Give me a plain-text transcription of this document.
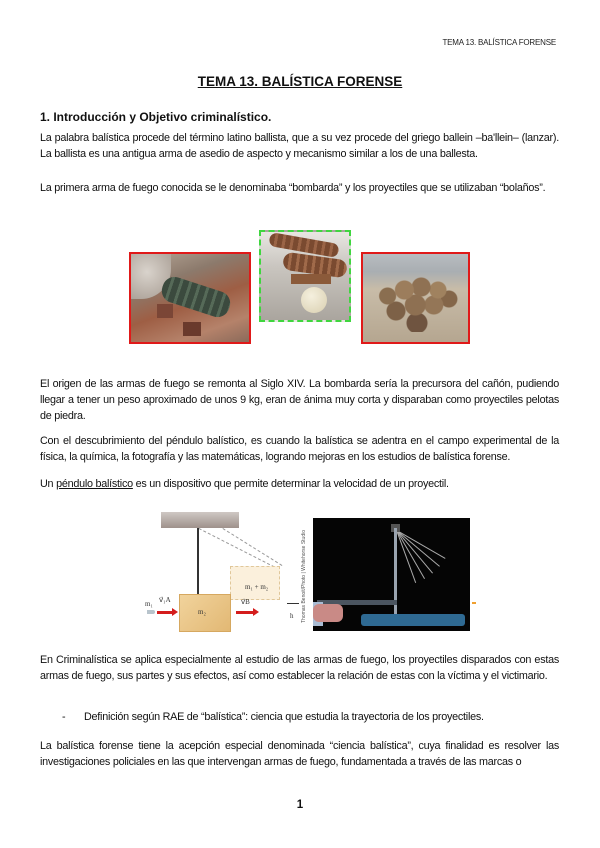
TEMA 13. BALÍSTICA FORENSE
TEMA 13. BALÍSTICA FORENSE
1. Introducción y Objetivo criminalístico.

La palabra balística procede del término latino ballista, que a su vez procede del griego ballein –ba'llein– (lanzar). La ballista es una antigua arma de asedio de aspecto y mecanismo similar a los de una ballesta.

La primera arma de fuego conocida se le denominaba “bombarda” y los proyectiles que se utilizaban “bolaños”.

El origen de las armas de fuego se remonta al Siglo XIV. La bombarda sería la precursora del cañón, pudiendo llegar a tener un peso aproximado de unos 9 kg, eran de ánima muy corta y disparaban como proyectiles pelotas de piedra.

Con el descubrimiento del péndulo balístico, es cuando la balística se adentra en el campo experimental de la física, la química, la fotografía y las matemáticas, logrando mejoras en los estudios de balística forense.

Un péndulo balístico es un dispositivo que permite determinar la velocidad de un proyectil.

m₁ + m₂
m₂
m₁ v⃗₁A	v⃗B
h Thomas Benoit/Photo | Whitehorse Studio

En Criminalística se aplica especialmente al estudio de las armas de fuego, los proyectiles disparados con estas armas de fuego, sus partes y sus efectos, así como establecer la relación de estas con la víctima y el victimario.

- Definición según RAE de “balística”: ciencia que estudia la trayectoria de los proyectiles.

La balística forense tiene la acepción especial denominada “ciencia balística”, cuya finalidad es resolver las investigaciones policiales en las que intervengan armas de fuego, fundamentada a través de las marcas o

1
